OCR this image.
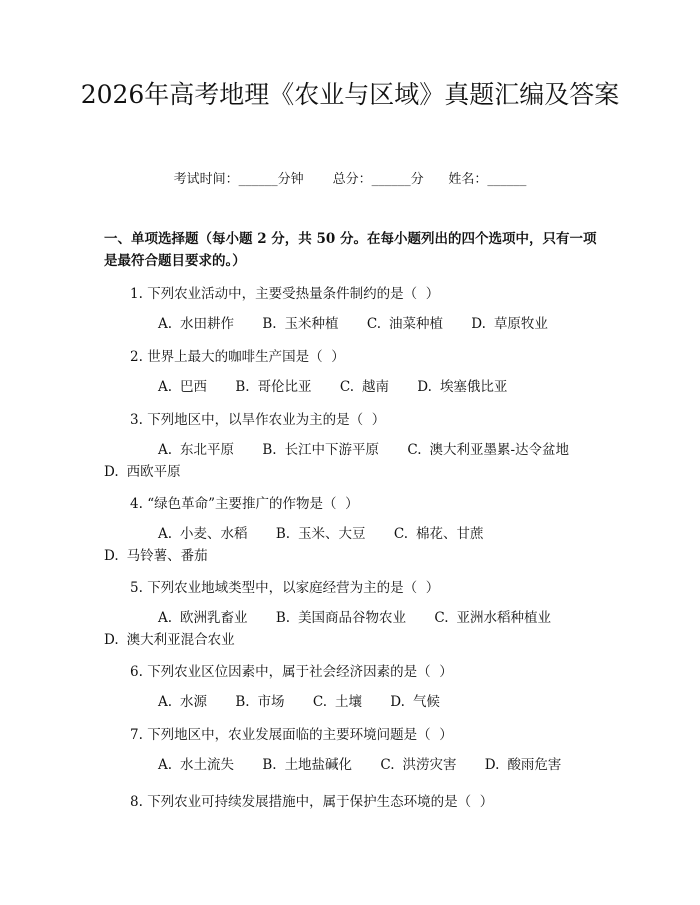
2026年高考地理《农业与区域》真题汇编及答案
考试时间：______分钟 总分：______分 姓名：______

一、单项选择题（每小题 2 分，共 50 分。在每小题列出的四个选项中，只有一项是最符合题目要求的。）

1. 下列农业活动中，主要受热量条件制约的是（  ）
A. 水田耕作 B. 玉米种植 C. 油菜种植 D. 草原牧业
2. 世界上最大的咖啡生产国是（  ）
A. 巴西 B. 哥伦比亚 C. 越南 D. 埃塞俄比亚
3. 下列地区中，以旱作农业为主的是（  ）
A. 东北平原 B. 长江中下游平原 C. 澳大利亚墨累-达令盆地 D. 西欧平原
4. “绿色革命”主要推广的作物是（  ）
A. 小麦、水稻 B. 玉米、大豆 C. 棉花、甘蔗 D. 马铃薯、番茄
5. 下列农业地域类型中，以家庭经营为主的是（  ）
A. 欧洲乳畜业 B. 美国商品谷物农业 C. 亚洲水稻种植业 D. 澳大利亚混合农业
6. 下列农业区位因素中，属于社会经济因素的是（  ）
A. 水源 B. 市场 C. 土壤 D. 气候
7. 下列地区中，农业发展面临的主要环境问题是（  ）
A. 水土流失 B. 土地盐碱化 C. 洪涝灾害 D. 酸雨危害
8. 下列农业可持续发展措施中，属于保护生态环境的是（  ）
